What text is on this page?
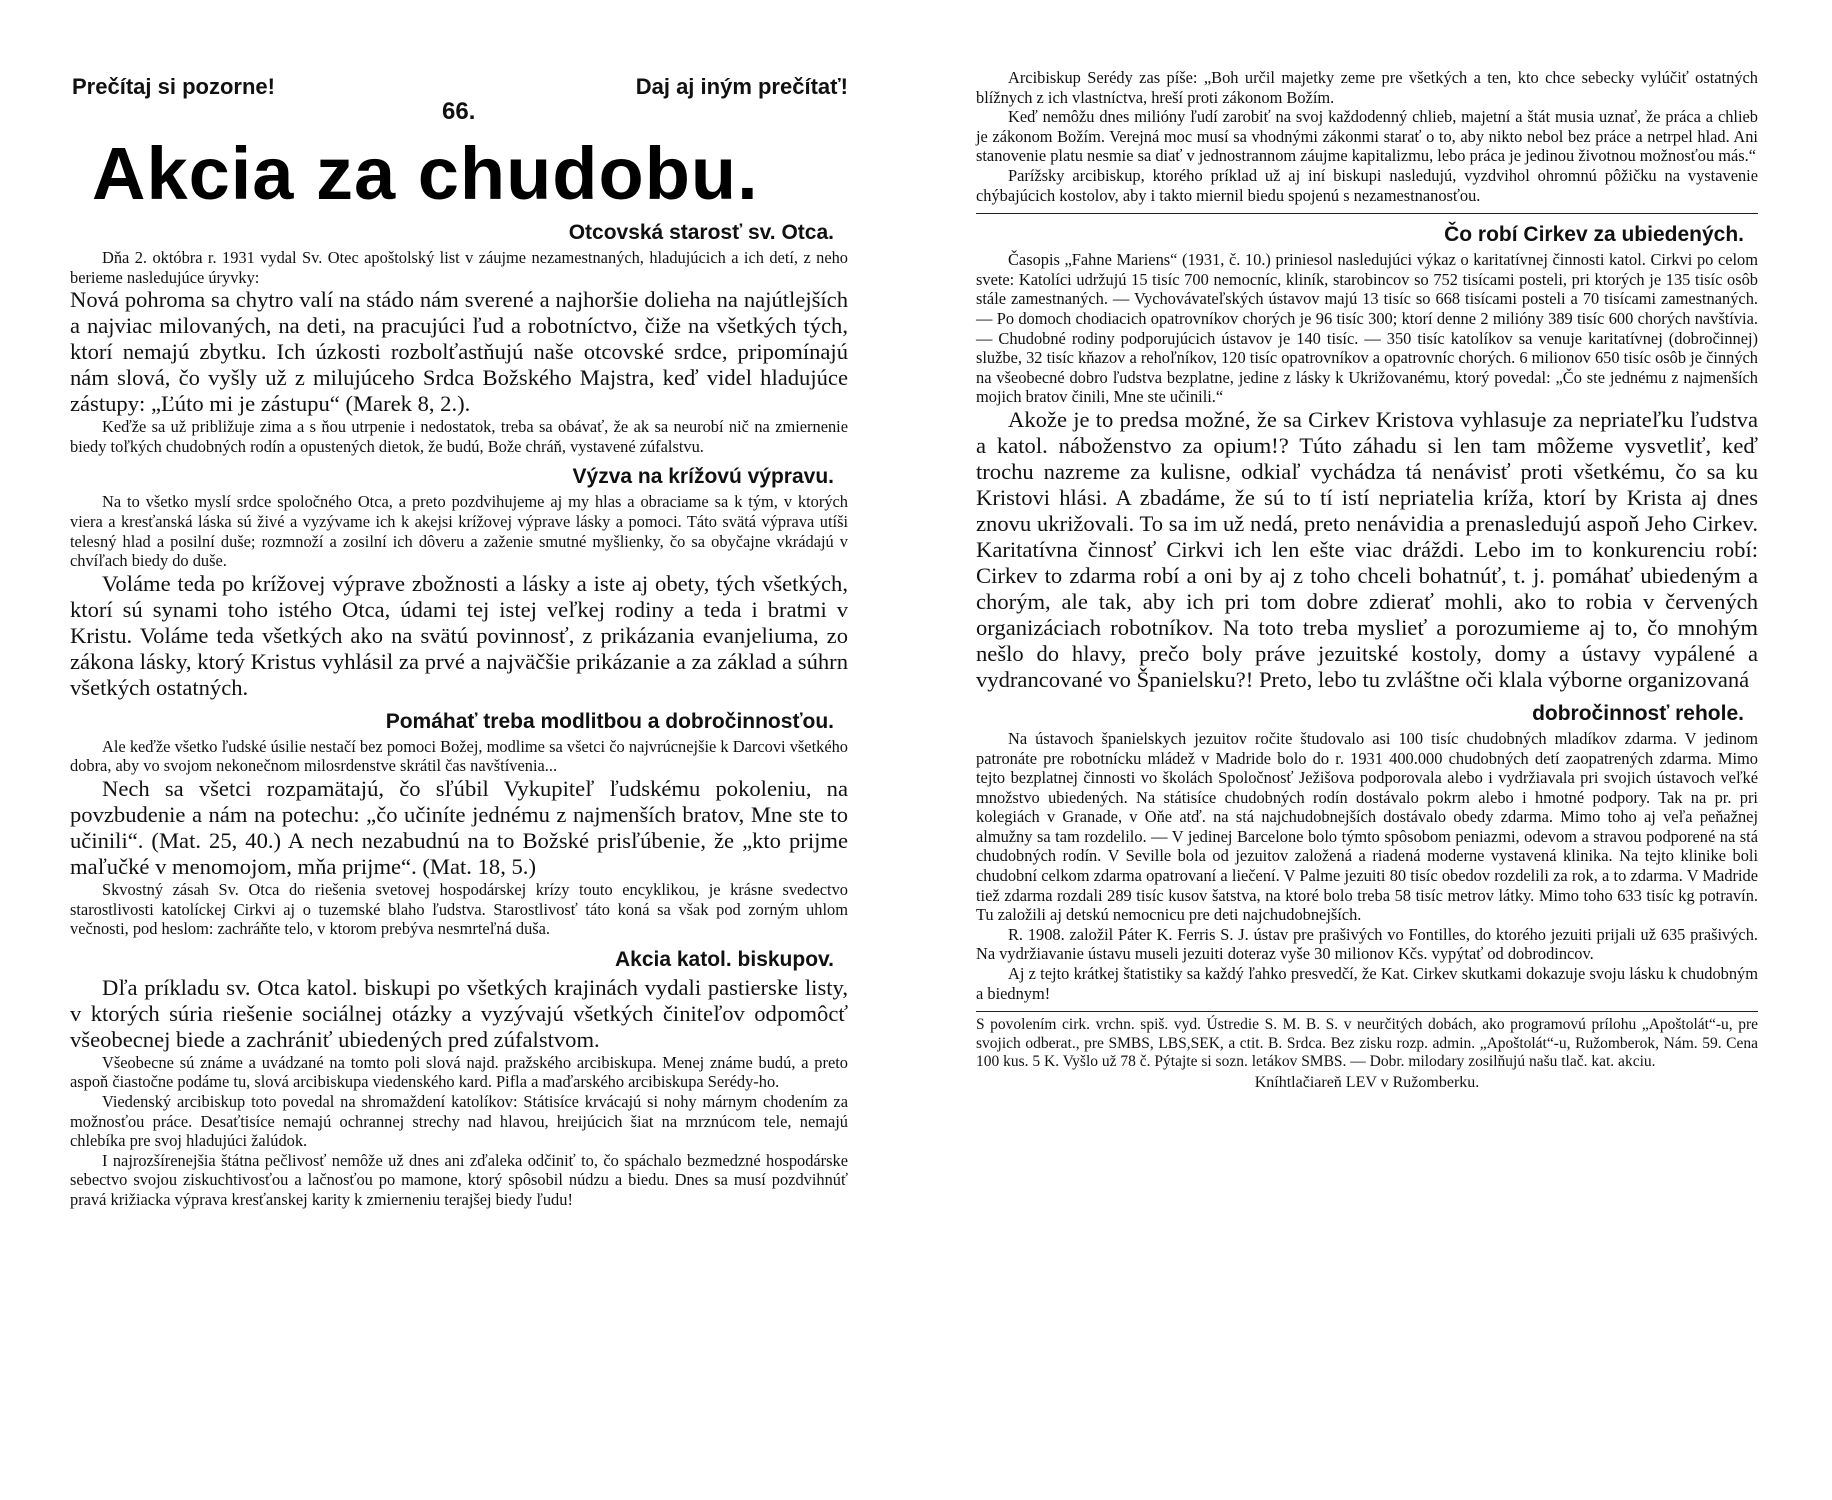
Prečítaj si pozorne!	Daj aj iným prečítať!
66.
Akcia za chudobu.
Otcovská starosť sv. Otca.

Dňa 2. októbra r. 1931 vydal Sv. Otec apoštolský list v záujme nezamestnaných, hladujúcich a ich detí, z neho berieme nasledujúce úryvky:

Nová pohroma sa chytro valí na stádo nám sverené a najhoršie dolieha na najútlejších a najviac milovaných, na deti, na pracujúci ľud a robotníctvo, čiže na všetkých tých, ktorí nemajú zbytku. Ich úzkosti rozbolťastňujú naše otcovské srdce, pripomínajú nám slová, čo vyšly už z milujúceho Srdca Božského Majstra, keď videl hladujúce zástupy: „Ľúto mi je zástupu“ (Marek 8, 2.).

Keďže sa už približuje zima a s ňou utrpenie i nedostatok, treba sa obávať, že ak sa neurobí nič na zmiernenie biedy toľkých chudobných rodín a opustených dietok, že budú, Bože chráň, vystavené zúfalstvu.

Výzva na krížovú výpravu.

Na to všetko myslí srdce spoločného Otca, a preto pozdvihujeme aj my hlas a obraciame sa k tým, v ktorých viera a kresťanská láska sú živé a vyzývame ich k akejsi krížovej výprave lásky a pomoci. Táto svätá výprava utíši telesný hlad a posilní duše; rozmnoží a zosilní ich dôveru a zaženie smutné myšlienky, čo sa obyčajne vkrádajú v chvíľach biedy do duše.

Voláme teda po krížovej výprave zbožnosti a lásky a iste aj obety, tých všetkých, ktorí sú synami toho istého Otca, údami tej istej veľkej rodiny a teda i bratmi v Kristu. Voláme teda všetkých ako na svätú povinnosť, z prikázania evanjeliuma, zo zákona lásky, ktorý Kristus vyhlásil za prvé a najväčšie prikázanie a za základ a súhrn všetkých ostatných.

Pomáhať treba modlitbou a dobročinnosťou.

Ale keďže všetko ľudské úsilie nestačí bez pomoci Božej, modlime sa všetci čo najvrúcnejšie k Darcovi všetkého dobra, aby vo svojom nekonečnom milosrdenstve skrátil čas navštívenia...

Nech sa všetci rozpamätajú, čo sľúbil Vykupiteľ ľudskému pokoleniu, na povzbudenie a nám na potechu: „čo učiníte jednému z najmenších bratov, Mne ste to učinili“. (Mat. 25, 40.) A nech nezabudnú na to Božské prisľúbenie, že „kto prijme maľučké v menomojom, mňa prijme“. (Mat. 18, 5.)

Skvostný zásah Sv. Otca do riešenia svetovej hospodárskej krízy touto encyklikou, je krásne svedectvo starostlivosti katolíckej Cirkvi aj o tuzemské blaho ľudstva. Starostlivosť táto koná sa však pod zorným uhlom večnosti, pod heslom: zachráňte telo, v ktorom prebýva nesmrteľná duša.

Akcia katol. biskupov.

Dľa príkladu sv. Otca katol. biskupi po všetkých krajinách vydali pastierske listy, v ktorých súria riešenie sociálnej otázky a vyzývajú všetkých činiteľov odpomôcť všeobecnej biede a zachrániť ubiedených pred zúfalstvom.

Všeobecne sú známe a uvádzané na tomto poli slová najd. pražského arcibiskupa. Menej známe budú, a preto aspoň čiastočne podáme tu, slová arcibiskupa viedenského kard. Pifla a maďarského arcibiskupa Serédy-ho.

Viedenský arcibiskup toto povedal na shromaždení katolíkov: Státisíce krvácajú si nohy márnym chodením za možnosťou práce. Desaťtisíce nemajú ochrannej strechy nad hlavou, hreijúcich šiat na mrznúcom tele, nemajú chlebíka pre svoj hladujúci žalúdok.

I najrozšírenejšia štátna pečlivosť nemôže už dnes ani zďaleka odčiniť to, čo spáchalo bezmedzné hospodárske sebectvo svojou ziskuchtivosťou a lačnosťou po mamone, ktorý spôsobil núdzu a biedu. Dnes sa musí pozdvihnúť pravá križiacka výprava kresťanskej karity k zmierneniu terajšej biedy ľudu!

Arcibiskup Serédy zas píše: „Boh určil majetky zeme pre všetkých a ten, kto chce sebecky vylúčiť ostatných blížnych z ich vlastníctva, hreší proti zákonom Božím.

Keď nemôžu dnes milióny ľudí zarobiť na svoj každodenný chlieb, majetní a štát musia uznať, že práca a chlieb je zákonom Božím. Verejná moc musí sa vhodnými zákonmi starať o to, aby nikto nebol bez práce a netrpel hlad. Ani stanovenie platu nesmie sa diať v jednostrannom záujme kapitalizmu, lebo práca je jedinou životnou možnosťou más.“

Parížsky arcibiskup, ktorého príklad už aj iní biskupi nasledujú, vyzdvihol ohromnú pôžičku na vystavenie chýbajúcich kostolov, aby i takto miernil biedu spojenú s nezamestnanosťou.

Čo robí Cirkev za ubiedených.

Časopis „Fahne Mariens“ (1931, č. 10.) priniesol nasledujúci výkaz o karitatívnej činnosti katol. Cirkvi po celom svete: Katolíci udržujú 15 tisíc 700 nemocníc, kliník, starobincov so 752 tisícami posteli, pri ktorých je 135 tisíc osôb stále zamestnaných. — Vychovávateľských ústavov majú 13 tisíc so 668 tisícami posteli a 70 tisícami zamestnaných. — Po domoch chodiacich opatrovníkov chorých je 96 tisíc 300; ktorí denne 2 milióny 389 tisíc 600 chorých navštívia. — Chudobné rodiny podporujúcich ústavov je 140 tisíc. — 350 tisíc katolíkov sa venuje karitatívnej (dobročinnej) službe, 32 tisíc kňazov a rehoľníkov, 120 tisíc opatrovníkov a opatrovníc chorých. 6 milionov 650 tisíc osôb je činných na všeobecné dobro ľudstva bezplatne, jedine z lásky k Ukrižovanému, ktorý povedal: „Čo ste jednému z najmenších mojich bratov činili, Mne ste učinili.“

Akože je to predsa možné, že sa Cirkev Kristova vyhlasuje za nepriateľku ľudstva a katol. náboženstvo za opium!? Túto záhadu si len tam môžeme vysvetliť, keď trochu nazreme za kulisne, odkiaľ vychádza tá nenávisť proti všetkému, čo sa ku Kristovi hlási. A zbadáme, že sú to tí istí nepriatelia kríža, ktorí by Krista aj dnes znovu ukrižovali. To sa im už nedá, preto nenávidia a prenasledujú aspoň Jeho Cirkev. Karitatívna činnosť Cirkvi ich len ešte viac dráždi. Lebo im to konkurenciu robí: Cirkev to zdarma robí a oni by aj z toho chceli bohatnúť, t. j. pomáhať ubiedeným a chorým, ale tak, aby ich pri tom dobre zdierať mohli, ako to robia v červených organizáciach robotníkov. Na toto treba myslieť a porozumieme aj to, čo mnohým nešlo do hlavy, prečo boly práve jezuitské kostoly, domy a ústavy vypálené a vydrancované vo Španielsku?! Preto, lebo tu zvláštne oči klala výborne organizovaná

dobročinnosť rehole.

Na ústavoch španielskych jezuitov ročite študovalo asi 100 tisíc chudobných mladíkov zdarma. V jedinom patronáte pre robotnícku mládež v Madride bolo do r. 1931 400.000 chudobných detí zaopatrených zdarma. Mimo tejto bezplatnej činnosti vo školách Spoločnosť Ježišova podporovala alebo i vydržiavala pri svojich ústavoch veľké množstvo ubiedených. Na státisíce chudobných rodín dostávalo pokrm alebo i hmotné podpory. Tak na pr. pri kolegiách v Granade, v Oňe atď. na stá najchudobnejších dostávalo obedy zdarma. Mimo toho aj veľa peňažnej almužny sa tam rozdelilo. — V jedinej Barcelone bolo týmto spôsobom peniazmi, odevom a stravou podporené na stá chudobných rodín. V Seville bola od jezuitov založená a riadená moderne vystavená klinika. Na tejto klinike boli chudobní celkom zdarma opatrovaní a liečení. V Palme jezuiti 80 tisíc obedov rozdelili za rok, a to zdarma. V Madride tiež zdarma rozdali 289 tisíc kusov šatstva, na ktoré bolo treba 58 tisíc metrov látky. Mimo toho 633 tisíc kg potravín. Tu založili aj detskú nemocnicu pre deti najchudobnejších.

R. 1908. založil Páter K. Ferris S. J. ústav pre prašivých vo Fontilles, do ktorého jezuiti prijali už 635 prašivých. Na vydržiavanie ústavu museli jezuiti doteraz vyše 30 milionov Kčs. vypýtať od dobrodincov.

Aj z tejto krátkej štatistiky sa každý ľahko presvedčí, že Kat. Cirkev skutkami dokazuje svoju lásku k chudobným a biednym!

S povolením cirk. vrchn. spiš. vyd. Ústredie S. M. B. S. v neurčitých dobách, ako programovú prílohu „Apoštolát“-u, pre svojich odberat., pre SMBS, LBS,SEK, a ctit. B. Srdca. Bez zisku rozp. admin. „Apoštolát“-u, Ružomberok, Nám. 59. Cena 100 kus. 5 K. Vyšlo už 78 č. Pýtajte si sozn. letákov SMBS. — Dobr. milodary zosilňujú našu tlač. kat. akciu.

Kníhtlačiareň LEV v Ružomberku.
